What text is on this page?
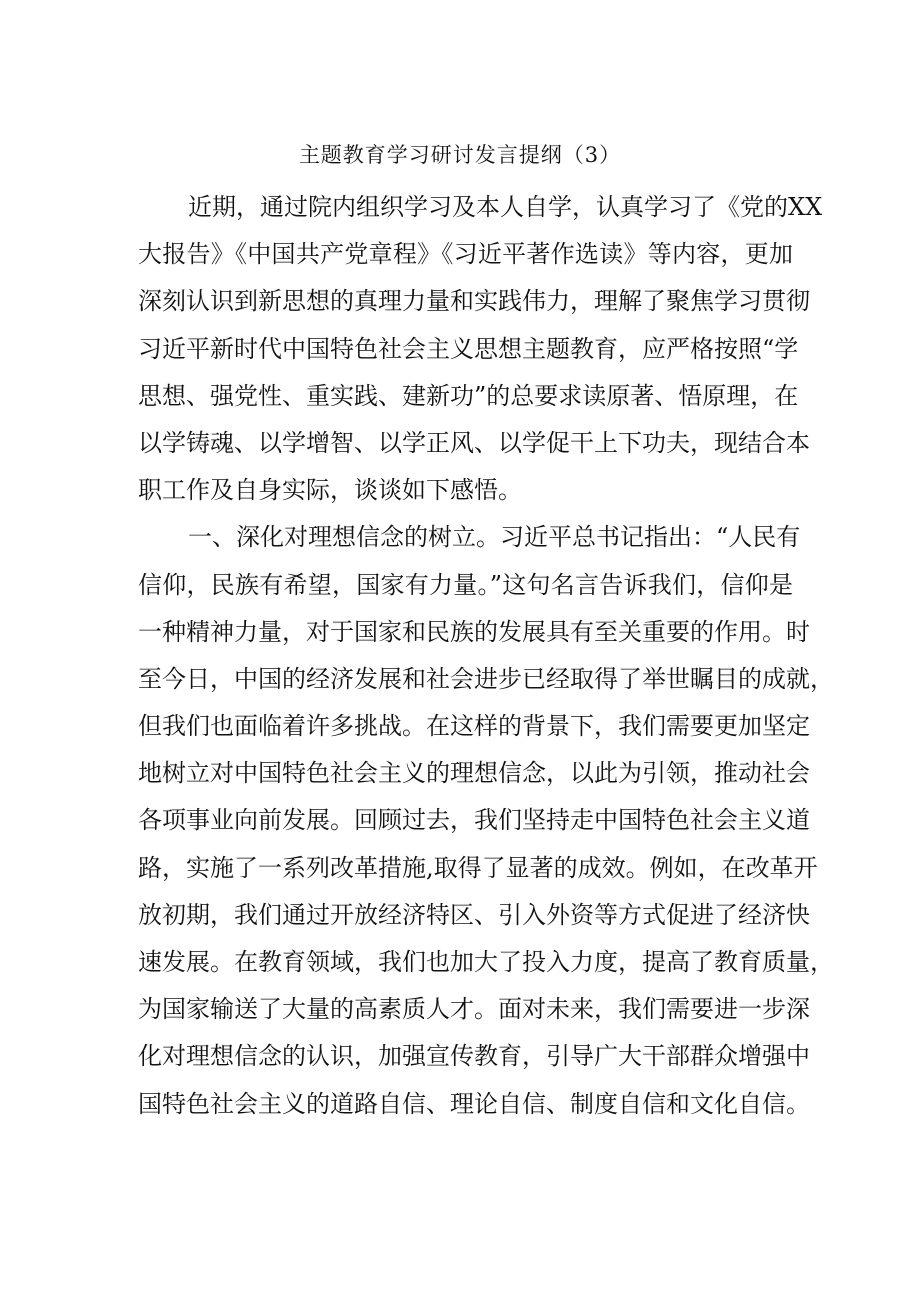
主题教育学习研讨发言提纲（3）
近期，通过院内组织学习及本人自学，认真学习了《党的XX
大报告》《中国共产党章程》《习近平著作选读》等内容，更加
深刻认识到新思想的真理力量和实践伟力，理解了聚焦学习贯彻
习近平新时代中国特色社会主义思想主题教育，应严格按照“学
思想、强党性、重实践、建新功”的总要求读原著、悟原理，在
以学铸魂、以学增智、以学正风、以学促干上下功夫，现结合本
职工作及自身实际，谈谈如下感悟。
一、深化对理想信念的树立。习近平总书记指出：“人民有
信仰，民族有希望，国家有力量。”这句名言告诉我们，信仰是
一种精神力量，对于国家和民族的发展具有至关重要的作用。时
至今日，中国的经济发展和社会进步已经取得了举世瞩目的成就，
但我们也面临着许多挑战。在这样的背景下，我们需要更加坚定
地树立对中国特色社会主义的理想信念，以此为引领，推动社会
各项事业向前发展。回顾过去，我们坚持走中国特色社会主义道
路，实施了一系列改革措施,取得了显著的成效。例如，在改革开
放初期，我们通过开放经济特区、引入外资等方式促进了经济快
速发展。在教育领域，我们也加大了投入力度，提高了教育质量，
为国家输送了大量的高素质人才。面对未来，我们需要进一步深
化对理想信念的认识，加强宣传教育，引导广大干部群众增强中
国特色社会主义的道路自信、理论自信、制度自信和文化自信。
